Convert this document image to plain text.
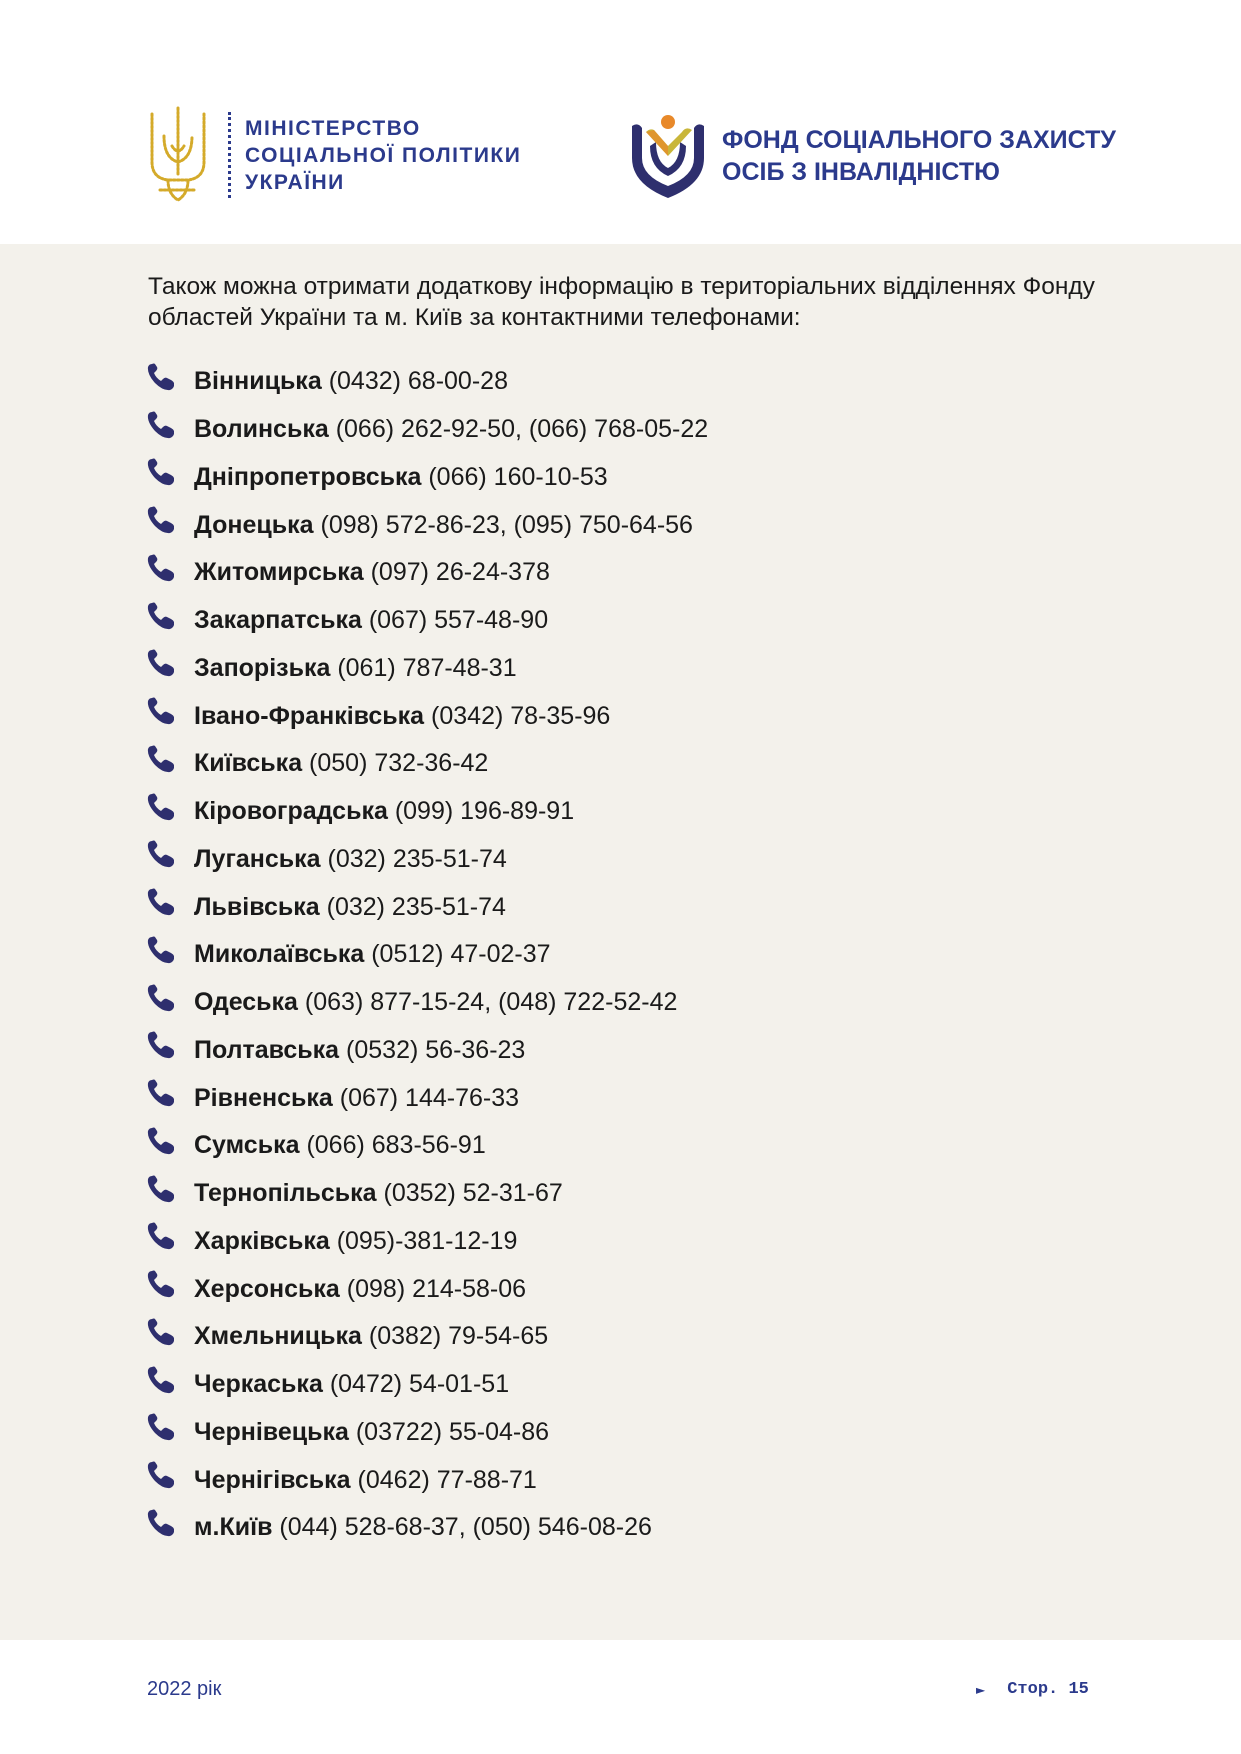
МІНІСТЕРСТВО
СОЦІАЛЬНОЇ ПОЛІТИКИ
УКРАЇНИ
ФОНД СОЦІАЛЬНОГО ЗАХИСТУ
ОСІБ З ІНВАЛІДНІСТЮ
Також можна отримати додаткову інформацію в територіальних відділеннях Фонду областей України та м. Київ за контактними телефонами:
Вінницька (0432) 68-00-28
Волинська (066) 262-92-50, (066) 768-05-22
Дніпропетровська (066) 160-10-53
Донецька (098) 572-86-23, (095) 750-64-56
Житомирська (097) 26-24-378
Закарпатська (067) 557-48-90
Запорізька (061) 787-48-31
Івано-Франківська (0342) 78-35-96
Київська (050) 732-36-42
Кіровоградська (099) 196-89-91
Луганська (032) 235-51-74
Львівська (032) 235-51-74
Миколаївська (0512) 47-02-37
Одеська (063) 877-15-24, (048) 722-52-42
Полтавська (0532) 56-36-23
Рівненська (067) 144-76-33
Сумська (066) 683-56-91
Тернопільська (0352) 52-31-67
Харківська (095)-381-12-19
Херсонська (098) 214-58-06
Хмельницька (0382) 79-54-65
Черкаська (0472) 54-01-51
Чернівецька (03722) 55-04-86
Чернігівська (0462) 77-88-71
м.Київ (044) 528-68-37, (050) 546-08-26
2022 рік	► Стор. 15
